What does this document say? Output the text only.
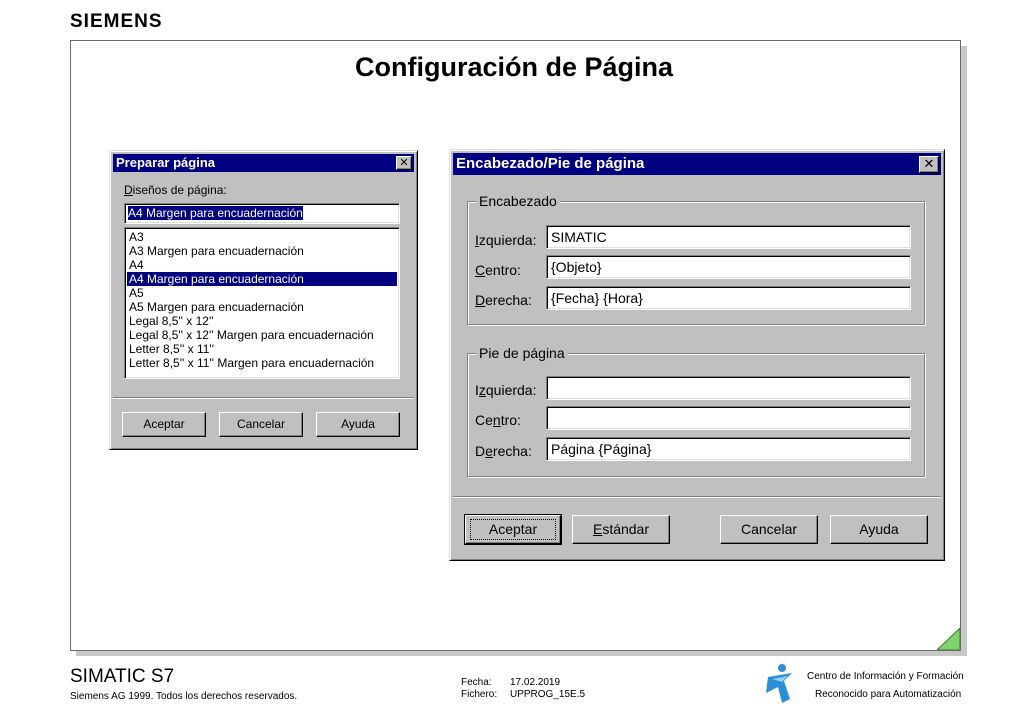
SIEMENS
Configuración de Página
Preparar página	✕
Diseños de página:
A4 Margen para encuadernación
A3
A3 Margen para encuadernación
A4
A4 Margen para encuadernación
A5
A5 Margen para encuadernación
Legal 8,5'' x 12''
Legal 8,5'' x 12'' Margen para encuadernación
Letter 8,5'' x 11''
Letter 8,5'' x 11'' Margen para encuadernación
Aceptar	Cancelar	Ayuda
Encabezado/Pie de página	✕
Encabezado
Izquierda:	SIMATIC
Centro:	{Objeto}
Derecha:	{Fecha} {Hora}
Pie de página
Izquierda:
Centro:
Derecha:	Página {Página}
Aceptar	Estándar	Cancelar	Ayuda
SIMATIC S7
Siemens AG 1999. Todos los derechos reservados.
Fecha: 17.02.2019
Fichero: UPPROG_15E.5
Centro de Información y Formación
Reconocido para Automatización
